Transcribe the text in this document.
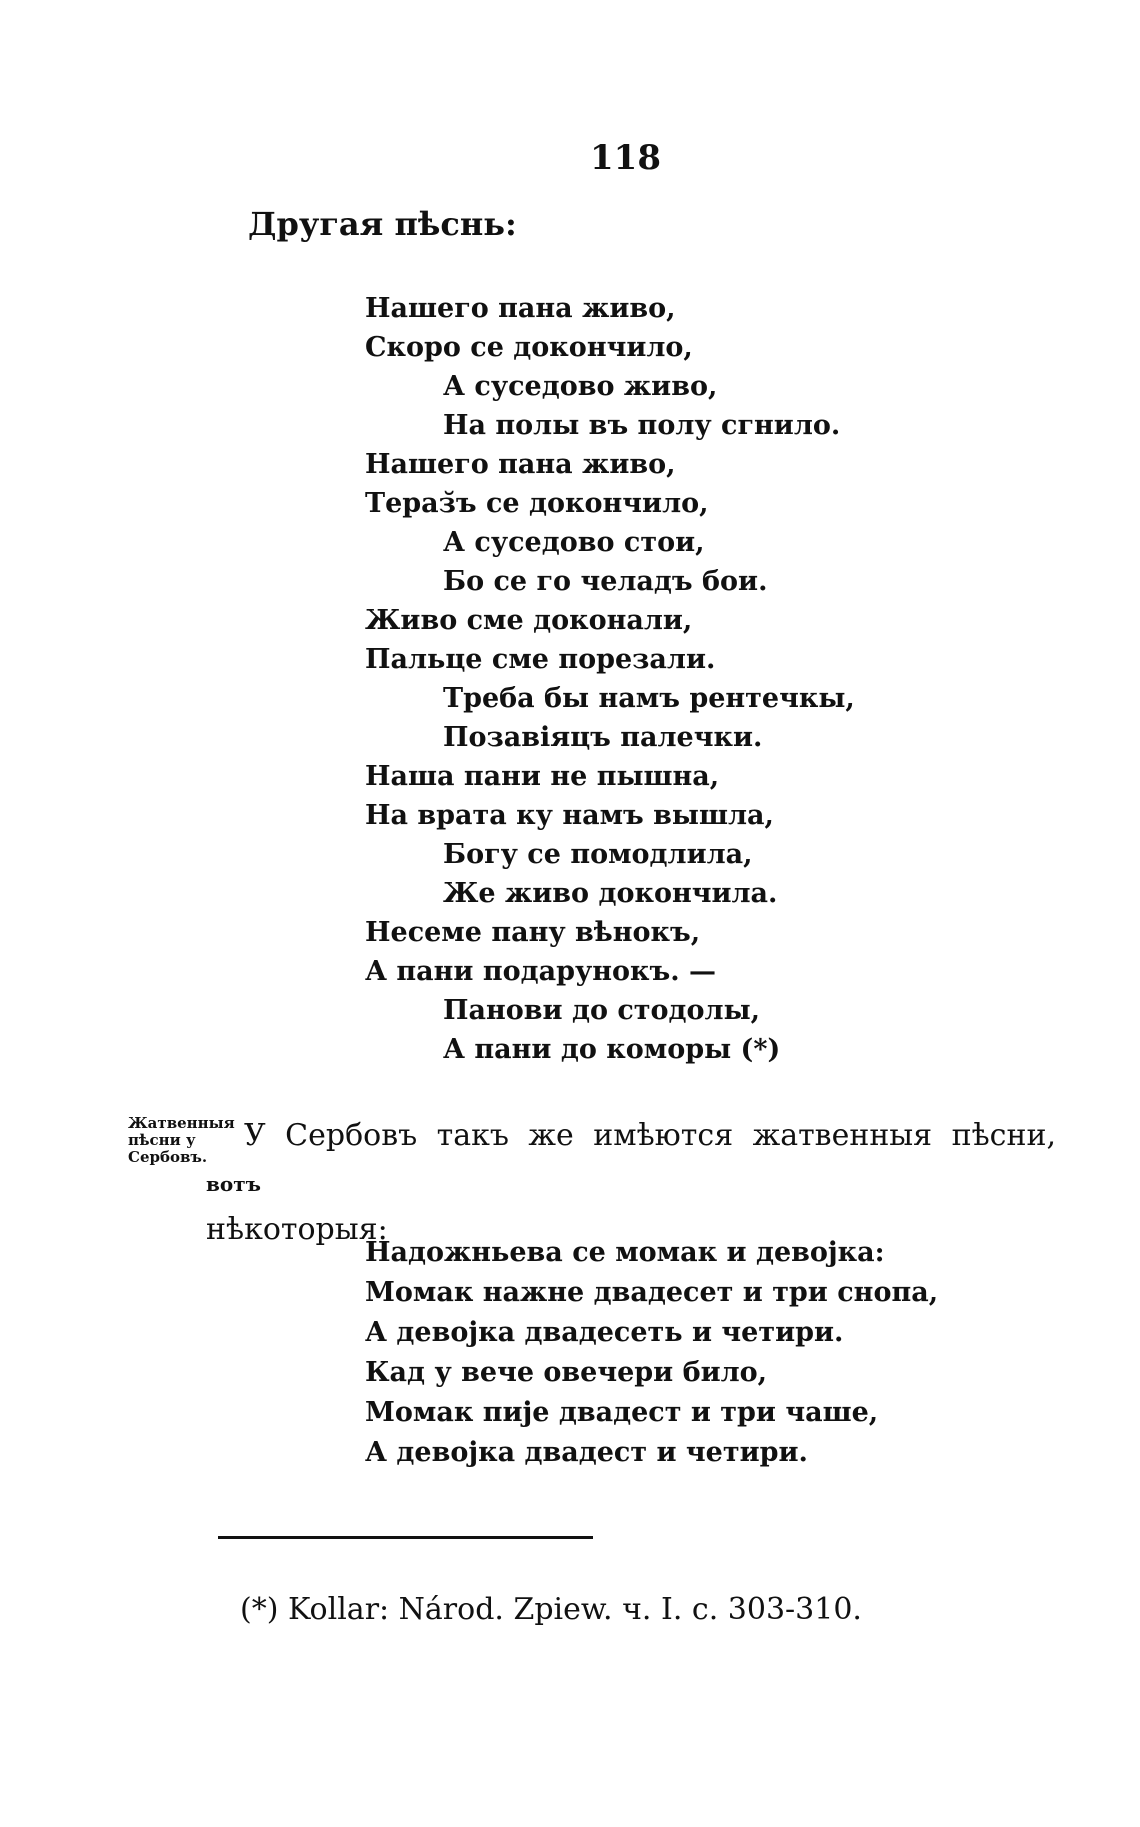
118
Другая пѣснь:
Нашего пана живо,
Скоро се докончило,
А суседово живо,
На полы въ полу сгнило.
Нашего пана живо,
Тераз̆ъ се докончило,
А суседово стои,
Бо се го челадъ бои.
Живо сме доконали,
Пальце сме порезали.
Треба бы намъ рентечкы,
Позавіяцъ палечки.
Наша пани не пышна,
На врата ку намъ вышла,
Богу се помодлила,
Же живо докончила.
Несеме пану вѣнокъ,
А пани подарунокъ. —
Панови до стодолы,
А пани до коморы (*)
Жатвенныя пѣсни у Сербовъ.
У Сербовъ такъ же имѣются жатвенныя пѣсни, вотъ
нѣкоторыя:
Надожньева се момак и девојка:
Момак нажне двадесет и три снопа,
А девојка двадесеть и четири.
Кад у вече овечери било,
Момак пије двадест и три чаше,
А девојка двадест и четири.
(*) Kollar: Národ. Zpiew. ч. I. с. 303-310.
